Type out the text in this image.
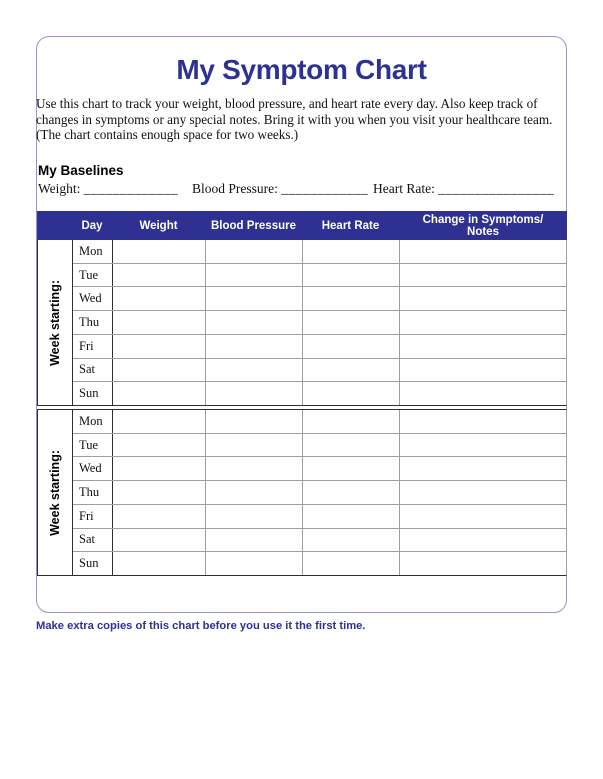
My Symptom Chart
Use this chart to track your weight, blood pressure, and heart rate every day. Also keep track of
changes in symptoms or any special notes. Bring it with you when you visit your healthcare team.
(The chart contains enough space for two weeks.)
My Baselines
Weight: _____________ Blood Pressure: ____________ Heart Rate: ________________
Day	Weight	Blood Pressure	Heart Rate	Change in Symptoms/
Notes
Week starting:
Mon
Tue
Wed
Thu
Fri
Sat
Sun
Week starting:
Mon
Tue
Wed
Thu
Fri
Sat
Sun
Make extra copies of this chart before you use it the first time.
